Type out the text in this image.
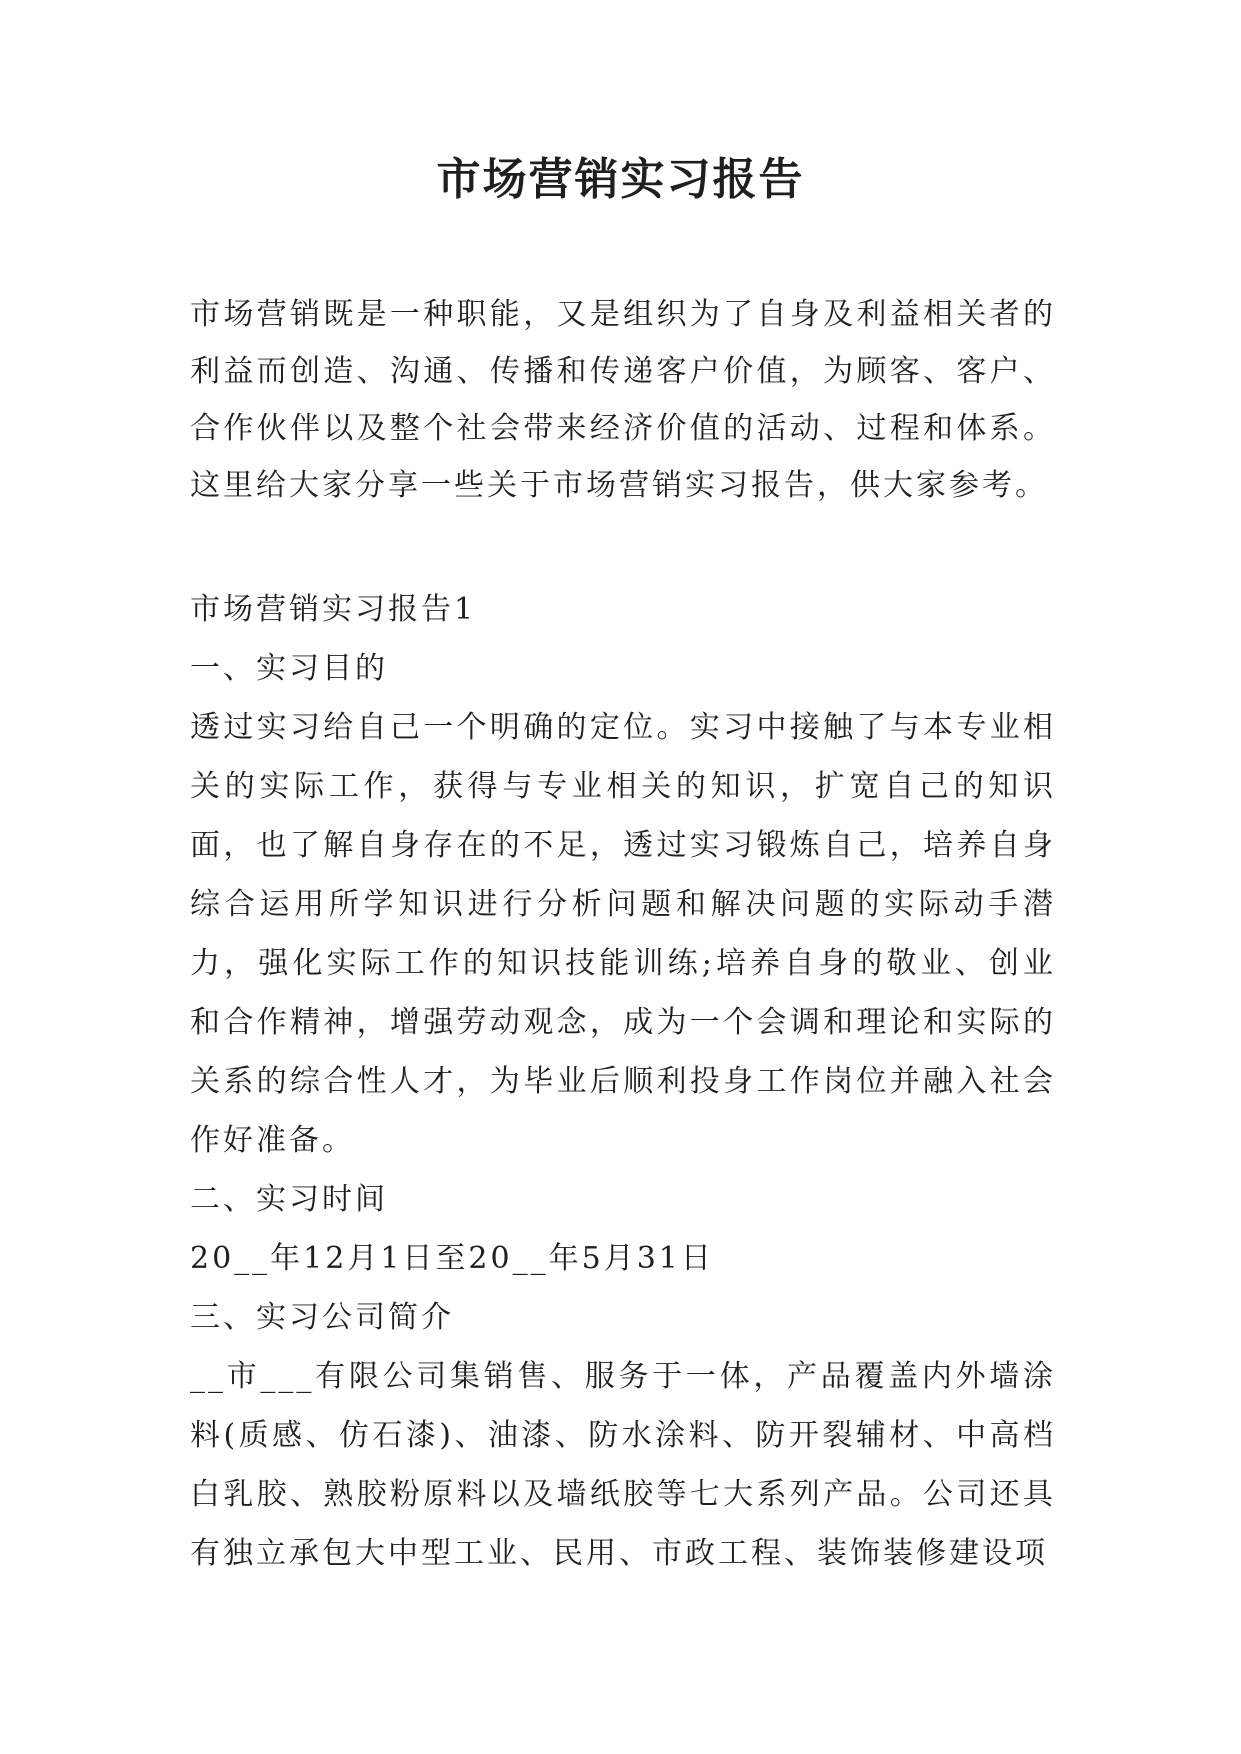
市场营销实习报告

市场营销既是一种职能，又是组织为了自身及利益相关者的利益而创造、沟通、传播和传递客户价值，为顾客、客户、合作伙伴以及整个社会带来经济价值的活动、过程和体系。这里给大家分享一些关于市场营销实习报告，供大家参考。

市场营销实习报告1

一、实习目的

透过实习给自己一个明确的定位。实习中接触了与本专业相关的实际工作，获得与专业相关的知识，扩宽自己的知识面，也了解自身存在的不足，透过实习锻炼自己，培养自身综合运用所学知识进行分析问题和解决问题的实际动手潜力，强化实际工作的知识技能训练;培养自身的敬业、创业和合作精神，增强劳动观念，成为一个会调和理论和实际的关系的综合性人才，为毕业后顺利投身工作岗位并融入社会作好准备。

二、实习时间

20__年12月1日至20__年5月31日

三、实习公司简介

__市___有限公司集销售、服务于一体，产品覆盖内外墙涂料(质感、仿石漆)、油漆、防水涂料、防开裂辅材、中高档白乳胶、熟胶粉原料以及墙纸胶等七大系列产品。公司还具有独立承包大中型工业、民用、市政工程、装饰装修建设项
